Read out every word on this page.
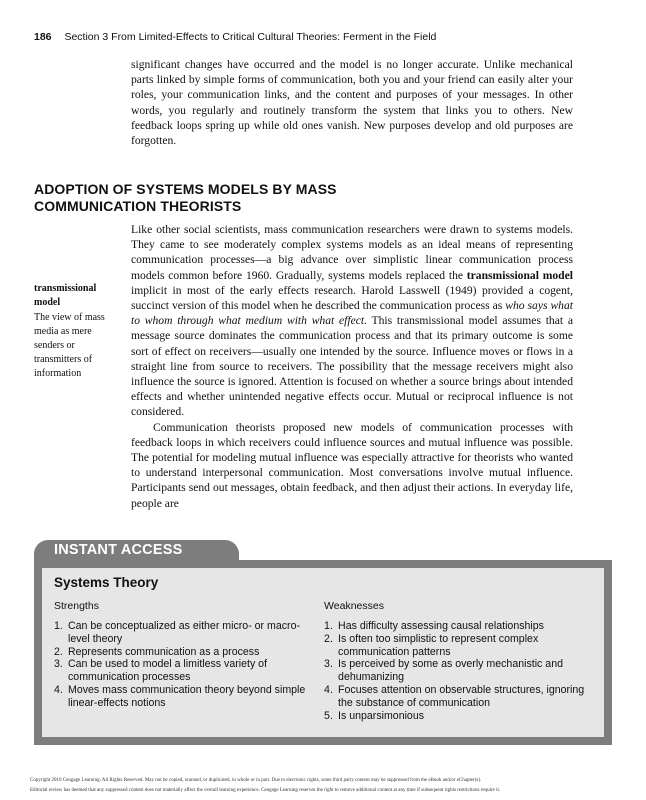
186 Section 3 From Limited-Effects to Critical Cultural Theories: Ferment in the Field

significant changes have occurred and the model is no longer accurate. Unlike mechanical parts linked by simple forms of communication, both you and your friend can easily alter your roles, your communication links, and the content and purposes of your messages. In other words, you regularly and routinely transform the system that links you to others. New feedback loops spring up while old ones vanish. New purposes develop and old purposes are forgotten.

ADOPTION OF SYSTEMS MODELS BY MASS
COMMUNICATION THEORISTS
transmissional
model
The view of mass media as mere senders or transmitters of information

Like other social scientists, mass communication researchers were drawn to systems models. They came to see moderately complex systems models as an ideal means of representing communication processes—a big advance over simplistic linear communication process models common before 1960. Gradually, systems models replaced the transmissional model implicit in most of the early effects research. Harold Lasswell (1949) provided a cogent, succinct version of this model when he described the communication process as who says what to whom through what medium with what effect. This transmissional model assumes that a message source dominates the communication process and that its primary outcome is some sort of effect on receivers—usually one intended by the source. Influence moves or flows in a straight line from source to receivers. The possibility that the message receivers might also influence the source is ignored. Attention is focused on whether a source brings about intended effects and whether unintended negative effects occur. Mutual or reciprocal influence is not considered.

Communication theorists proposed new models of communication processes with feedback loops in which receivers could influence sources and mutual influence was possible. The potential for modeling mutual influence was especially attractive for theorists who wanted to understand interpersonal communication. Most conversations involve mutual influence. Participants send out messages, obtain feedback, and then adjust their actions. In everyday life, people are

INSTANT ACCESS
Systems Theory
Strengths
1. Can be conceptualized as either micro- or macro-level theory
2. Represents communication as a process
3. Can be used to model a limitless variety of communication processes
4. Moves mass communication theory beyond simple linear-effects notions
Weaknesses
1. Has difficulty assessing causal relationships
2. Is often too simplistic to represent complex communication patterns
3. Is perceived by some as overly mechanistic and dehumanizing
4. Focuses attention on observable structures, ignoring the substance of communication
5. Is unparsimonious
Copyright 2010 Cengage Learning. All Rights Reserved. May not be copied, scanned, or duplicated, in whole or in part. Due to electronic rights, some third party content may be suppressed from the eBook and/or eChapter(s).
Editorial review has deemed that any suppressed content does not materially affect the overall learning experience. Cengage Learning reserves the right to remove additional content at any time if subsequent rights restrictions require it.
